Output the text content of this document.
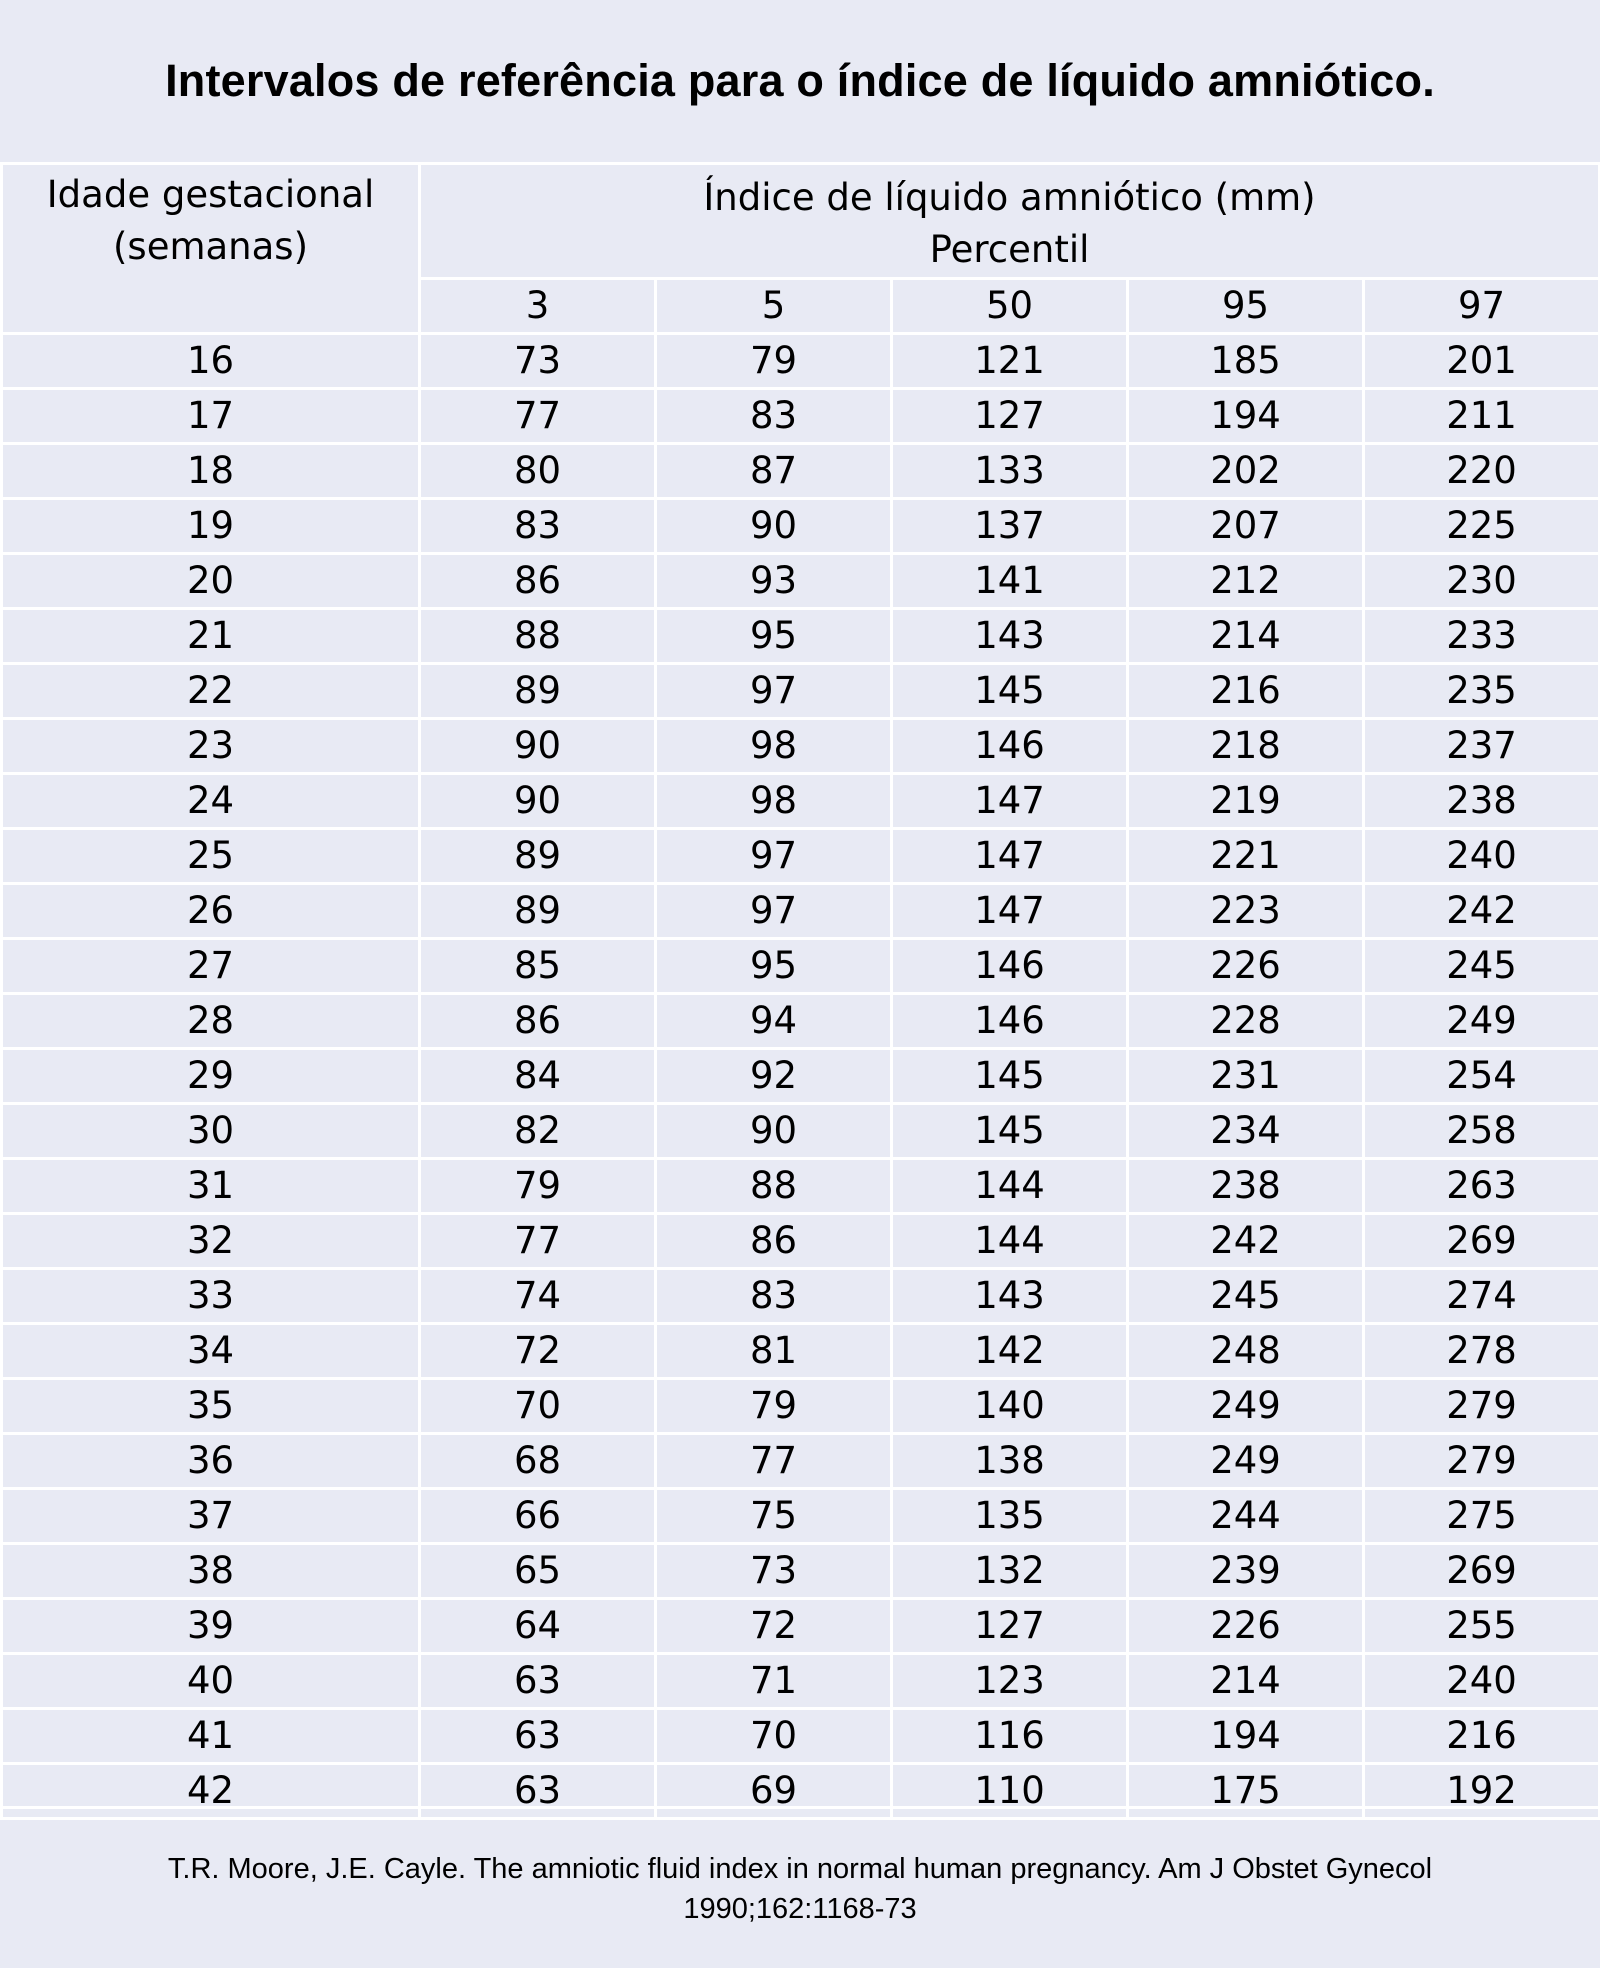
Intervalos de referência para o índice de líquido amniótico.
Idade gestacional
(semanas)	Índice de líquido amniótico (mm)
Percentil				

	3	5	50	95	97
16	73	79	121	185	201
17	77	83	127	194	211
18	80	87	133	202	220
19	83	90	137	207	225
20	86	93	141	212	230
21	88	95	143	214	233
22	89	97	145	216	235
23	90	98	146	218	237
24	90	98	147	219	238
25	89	97	147	221	240
26	89	97	147	223	242
27	85	95	146	226	245
28	86	94	146	228	249
29	84	92	145	231	254
30	82	90	145	234	258
31	79	88	144	238	263
32	77	86	144	242	269
33	74	83	143	245	274
34	72	81	142	248	278
35	70	79	140	249	279
36	68	77	138	249	279
37	66	75	135	244	275
38	65	73	132	239	269
39	64	72	127	226	255
40	63	71	123	214	240
41	63	70	116	194	216
42	63	69	110	175	192
T.R. Moore, J.E. Cayle. The amniotic fluid index in normal human pregnancy. Am J Obstet Gynecol
1990;162:1168-73
